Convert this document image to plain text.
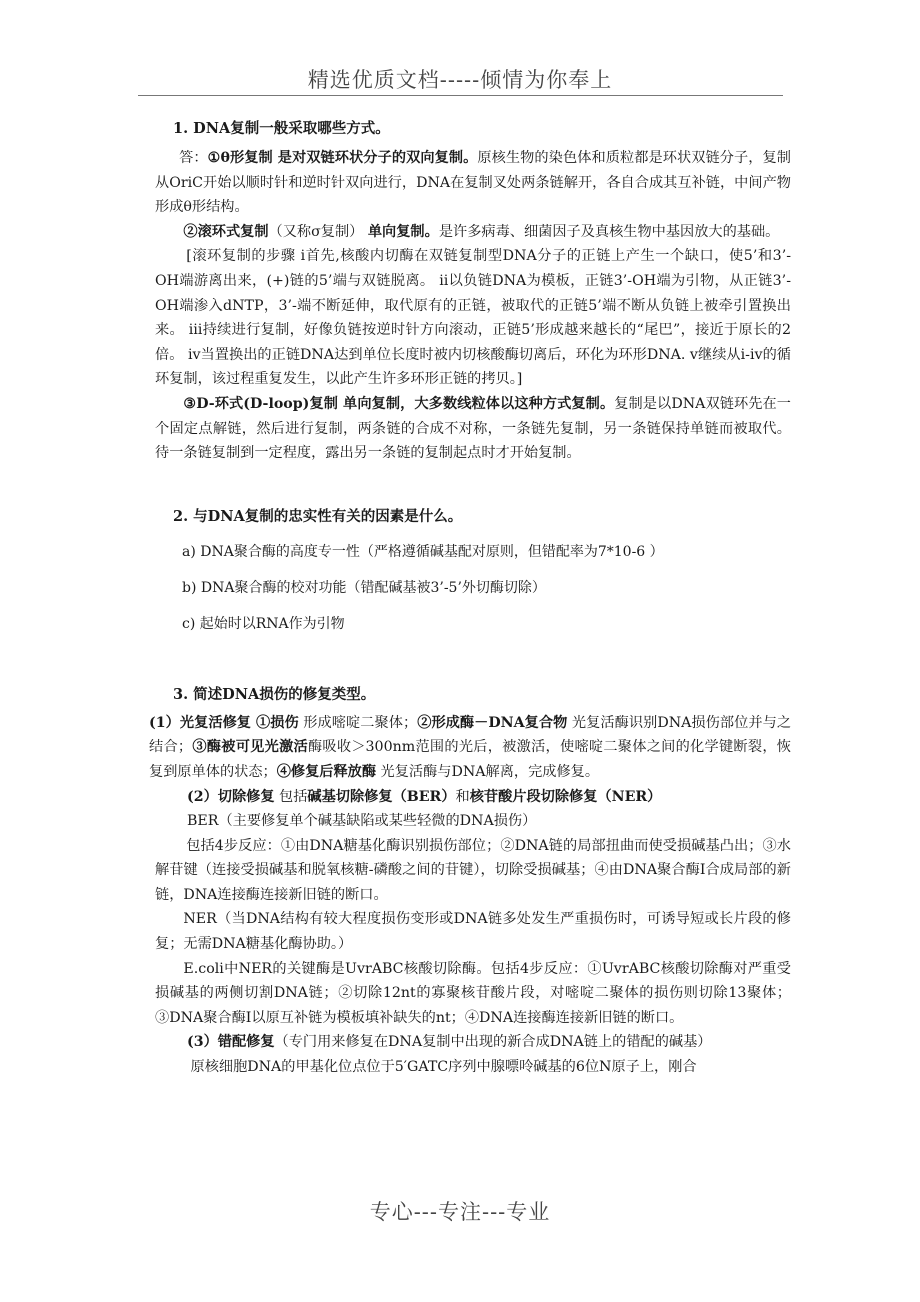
精选优质文档-----倾情为你奉上
1. DNA复制一般采取哪些方式。
答：①θ形复制 是对双链环状分子的双向复制。原核生物的染色体和质粒都是环状双链分子，复制从OriC开始以顺时针和逆时针双向进行，DNA在复制叉处两条链解开，各自合成其互补链，中间产物形成θ形结构。
②滚环式复制（又称σ复制） 单向复制。是许多病毒、细菌因子及真核生物中基因放大的基础。
[滚环复制的步骤 ⅰ首先,核酸内切酶在双链复制型DNA分子的正链上产生一个缺口，使5’和3’-OH端游离出来，(+)链的5’端与双链脱离。 ⅱ以负链DNA为模板，正链3’-OH端为引物，从正链3’-OH端渗入dNTP，3’-端不断延伸，取代原有的正链，被取代的正链5’端不断从负链上被牵引置换出来。 ⅲ持续进行复制，好像负链按逆时针方向滚动，正链5’形成越来越长的“尾巴”，接近于原长的2倍。 ⅳ当置换出的正链DNA达到单位长度时被内切核酸酶切离后，环化为环形DNA. ⅴ继续从ⅰ-ⅳ的循环复制，该过程重复发生，以此产生许多环形正链的拷贝。]
③D-环式(D-loop)复制 单向复制，大多数线粒体以这种方式复制。复制是以DNA双链环先在一个固定点解链，然后进行复制，两条链的合成不对称，一条链先复制，另一条链保持单链而被取代。待一条链复制到一定程度，露出另一条链的复制起点时才开始复制。
2. 与DNA复制的忠实性有关的因素是什么。
a) DNA聚合酶的高度专一性（严格遵循碱基配对原则，但错配率为7*10-6 ）
b) DNA聚合酶的校对功能（错配碱基被3’-5’外切酶切除）
c) 起始时以RNA作为引物
3. 简述DNA损伤的修复类型。
(1）光复活修复 ①损伤 形成嘧啶二聚体；②形成酶－DNA复合物 光复活酶识别DNA损伤部位并与之结合；③酶被可见光激活酶吸收＞300nm范围的光后，被激活，使嘧啶二聚体之间的化学键断裂，恢复到原单体的状态；④修复后释放酶 光复活酶与DNA解离，完成修复。
(2）切除修复 包括碱基切除修复（BER）和核苷酸片段切除修复（NER）
BER（主要修复单个碱基缺陷或某些轻微的DNA损伤）
包括4步反应：①由DNA糖基化酶识别损伤部位；②DNA链的局部扭曲而使受损碱基凸出；③水解苷键（连接受损碱基和脱氧核糖-磷酸之间的苷键），切除受损碱基；④由DNA聚合酶Ⅰ合成局部的新链，DNA连接酶连接新旧链的断口。
NER（当DNA结构有较大程度损伤变形或DNA链多处发生严重损伤时，可诱导短或长片段的修复；无需DNA糖基化酶协助。）
E.coli中NER的关键酶是UvrABC核酸切除酶。包括4步反应：①UvrABC核酸切除酶对严重受损碱基的两侧切割DNA链；②切除12nt的寡聚核苷酸片段，对嘧啶二聚体的损伤则切除13聚体；③DNA聚合酶Ⅰ以原互补链为模板填补缺失的nt；④DNA连接酶连接新旧链的断口。
(3）错配修复（专门用来修复在DNA复制中出现的新合成DNA链上的错配的碱基）
原核细胞DNA的甲基化位点位于5′GATC序列中腺嘌呤碱基的6位N原子上，刚合
专心---专注---专业
